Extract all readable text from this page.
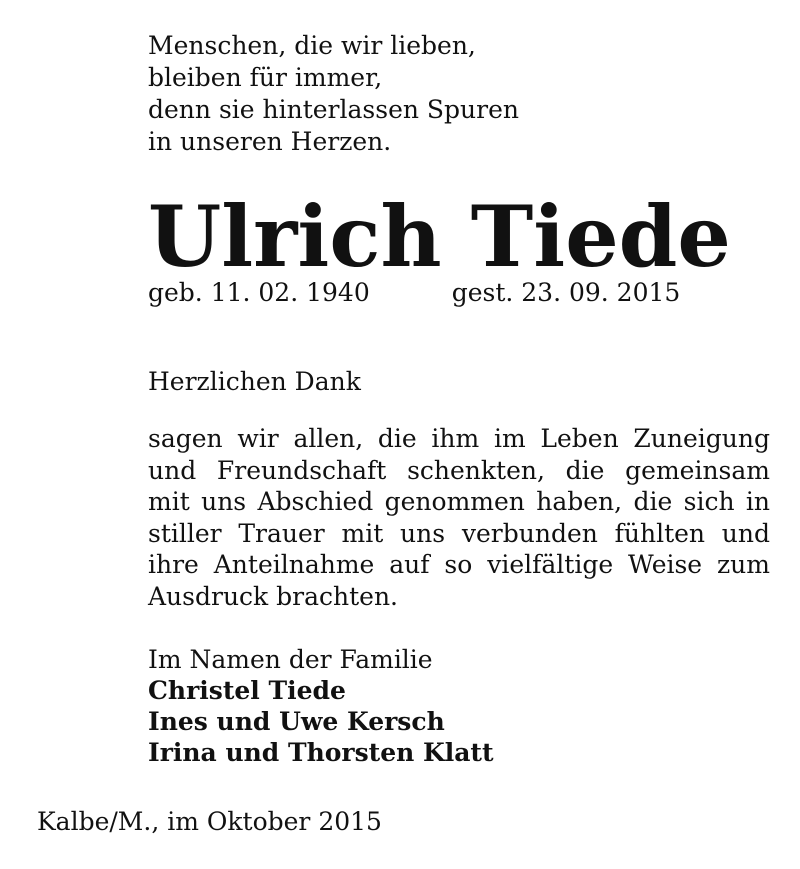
Menschen, die wir lieben,
bleiben für immer,
denn sie hinterlassen Spuren
in unseren Herzen.
Ulrich Tiede
geb. 11. 02. 1940	gest. 23. 09. 2015
Herzlichen Dank
sagen wir allen, die ihm im Leben Zuneigung
und Freundschaft schenkten, die gemeinsam
mit uns Abschied genommen haben, die sich in
stiller Trauer mit uns verbunden fühlten und
ihre Anteilnahme auf so vielfältige Weise zum
Ausdruck brachten.
Im Namen der Familie
Christel Tiede
Ines und Uwe Kersch
Irina und Thorsten Klatt
Kalbe/M., im Oktober 2015
